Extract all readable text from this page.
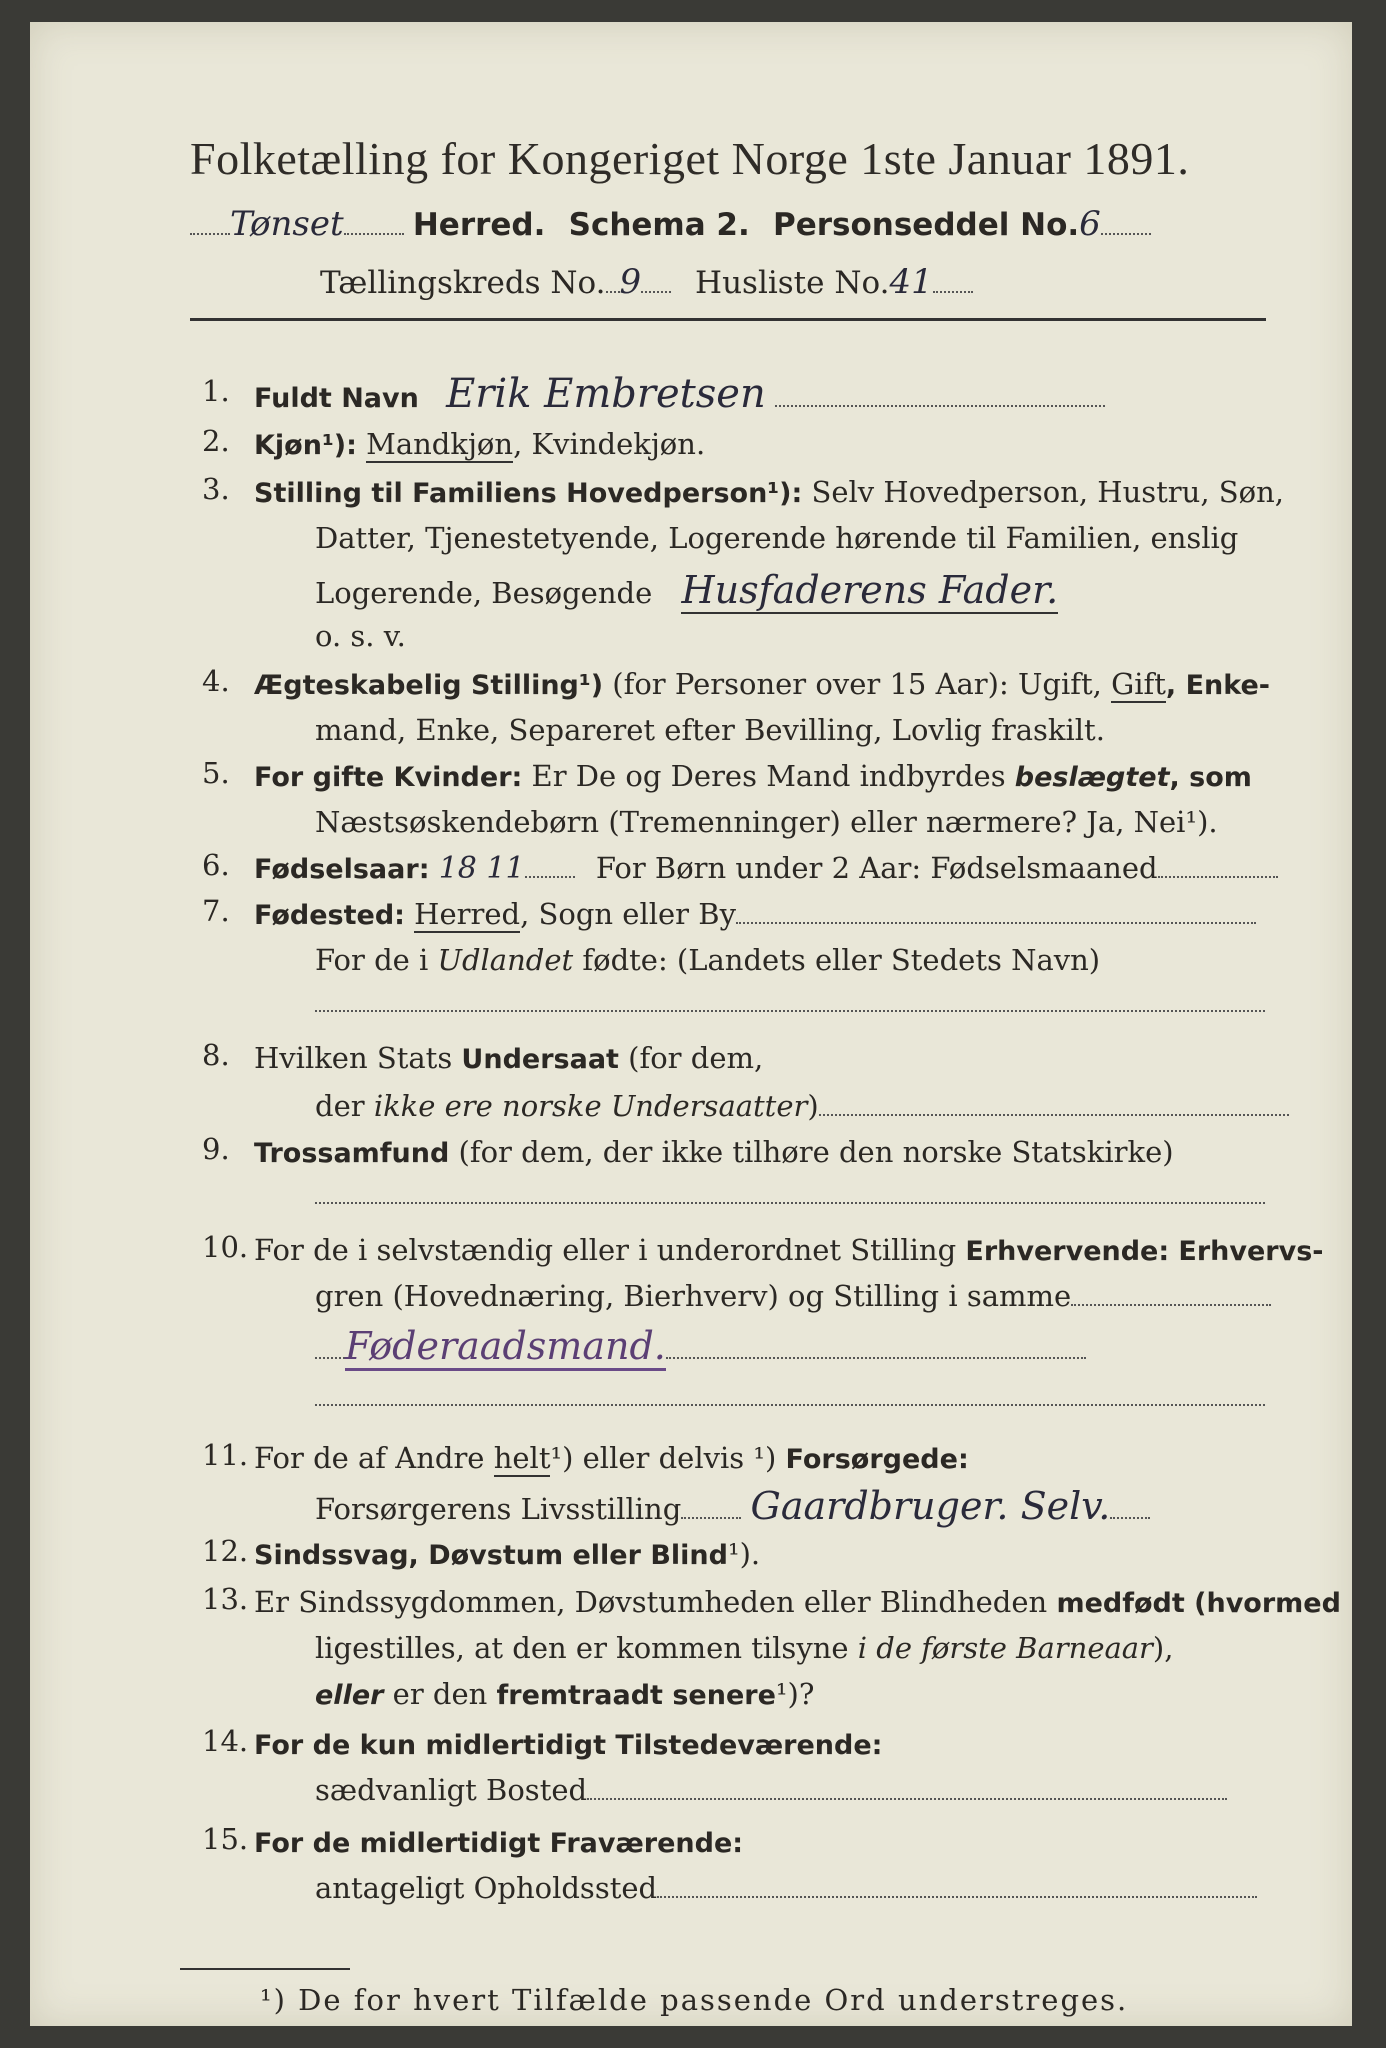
Folketælling for Kongeriget Norge 1ste Januar 1891.
Tønset Herred. Schema 2. Personseddel No.6
Tællingskreds No. 9 Husliste No.41
1. Fuldt Navn Erik Embretsen
2. Kjøn¹): Mandkjøn, Kvindekjøn.
3. Stilling til Familiens Hovedperson¹): Selv Hovedperson, Hustru, Søn,
Datter, Tjenestetyende, Logerende hørende til Familien, enslig
Logerende, Besøgende Husfaderens Fader.
o. s. v.
4. Ægteskabelig Stilling¹) (for Personer over 15 Aar): Ugift, Gift, Enke-
mand, Enke, Separeret efter Bevilling, Lovlig fraskilt.
5. For gifte Kvinder: Er De og Deres Mand indbyrdes beslægtet, som
Næstsøskendebørn (Tremenninger) eller nærmere? Ja, Nei¹).
6. Fødselsaar: 18 11 For Børn under 2 Aar: Fødselsmaaned
7. Fødested: Herred, Sogn eller By
For de i Udlandet fødte: (Landets eller Stedets Navn)
8. Hvilken Stats Undersaat (for dem,
der ikke ere norske Undersaatter)
9. Trossamfund (for dem, der ikke tilhøre den norske Statskirke)
10. For de i selvstændig eller i underordnet Stilling Erhvervende: Erhvervs-
gren (Hovednæring, Bierhverv) og Stilling i samme
Føderaadsmand.
11. For de af Andre helt¹) eller delvis ¹) Forsørgede:
Forsørgerens Livsstilling Gaardbruger. Selv.
12. Sindssvag, Døvstum eller Blind¹).
13. Er Sindssygdommen, Døvstumheden eller Blindheden medfødt (hvormed
ligestilles, at den er kommen tilsyne i de første Barneaar),
eller er den fremtraadt senere¹)?
14. For de kun midlertidigt Tilstedeværende:
sædvanligt Bosted
15. For de midlertidigt Fraværende:
antageligt Opholdssted
¹) De for hvert Tilfælde passende Ord understreges.
